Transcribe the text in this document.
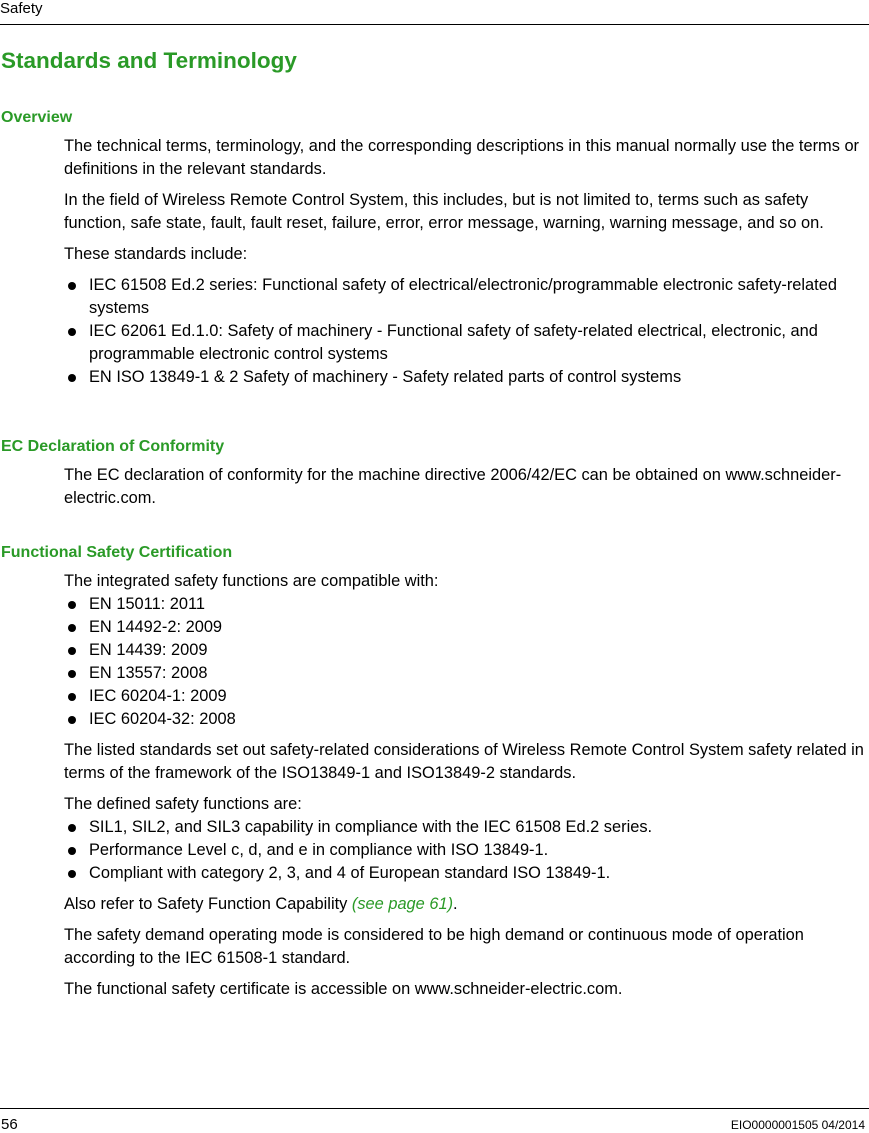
Safety
Standards and Terminology
Overview

The technical terms, terminology, and the corresponding descriptions in this manual normally use the terms or definitions in the relevant standards.

In the field of Wireless Remote Control System, this includes, but is not limited to, terms such as safety function, safe state, fault, fault reset, failure, error, error message, warning, warning message, and so on.

These standards include:

IEC 61508 Ed.2 series: Functional safety of electrical/electronic/programmable electronic safety-related systems
IEC 62061 Ed.1.0: Safety of machinery - Functional safety of safety-related electrical, electronic, and programmable electronic control systems
EN ISO 13849-1 & 2 Safety of machinery - Safety related parts of control systems
EC Declaration of Conformity

The EC declaration of conformity for the machine directive 2006/42/EC can be obtained on www.schneider-electric.com.

Functional Safety Certification

The integrated safety functions are compatible with:

EN 15011: 2011
EN 14492-2: 2009
EN 14439: 2009
EN 13557: 2008
IEC 60204-1: 2009
IEC 60204-32: 2008

The listed standards set out safety-related considerations of Wireless Remote Control System safety related in terms of the framework of the ISO13849-1 and ISO13849-2 standards.

The defined safety functions are:

SIL1, SIL2, and SIL3 capability in compliance with the IEC 61508 Ed.2 series.
Performance Level c, d, and e in compliance with ISO 13849-1.
Compliant with category 2, 3, and 4 of European standard ISO 13849-1.

Also refer to Safety Function Capability (see page 61).

The safety demand operating mode is considered to be high demand or continuous mode of operation according to the IEC 61508-1 standard.

The functional safety certificate is accessible on www.schneider-electric.com.

56	EIO0000001505 04/2014
